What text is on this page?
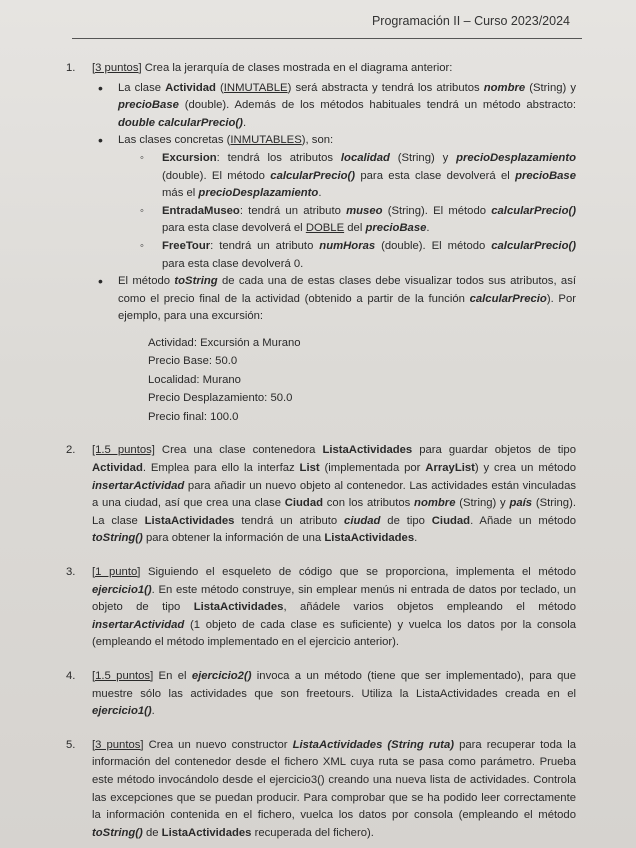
Programación II – Curso 2023/2024
1. [3 puntos] Crea la jerarquía de clases mostrada en el diagrama anterior:
• La clase Actividad (INMUTABLE) será abstracta y tendrá los atributos nombre (String) y precioBase (double). Además de los métodos habituales tendrá un método abstracto: double calcularPrecio().
• Las clases concretas (INMUTABLES), son:
◦ Excursion: tendrá los atributos localidad (String) y precioDesplazamiento (double). El método calcularPrecio() para esta clase devolverá el precioBase más el precioDesplazamiento.
◦ EntradaMuseo: tendrá un atributo museo (String). El método calcularPrecio() para esta clase devolverá el DOBLE del precioBase.
◦ FreeTour: tendrá un atributo numHoras (double). El método calcularPrecio() para esta clase devolverá 0.
• El método toString de cada una de estas clases debe visualizar todos sus atributos, así como el precio final de la actividad (obtenido a partir de la función calcularPrecio). Por ejemplo, para una excursión:
Actividad: Excursión a Murano
Precio Base: 50.0
Localidad: Murano
Precio Desplazamiento: 50.0
Precio final: 100.0
2. [1.5 puntos] Crea una clase contenedora ListaActividades para guardar objetos de tipo Actividad. Emplea para ello la interfaz List (implementada por ArrayList) y crea un método insertarActividad para añadir un nuevo objeto al contenedor. Las actividades están vinculadas a una ciudad, así que crea una clase Ciudad con los atributos nombre (String) y país (String). La clase ListaActividades tendrá un atributo ciudad de tipo Ciudad. Añade un método toString() para obtener la información de una ListaActividades.
3. [1 punto] Siguiendo el esqueleto de código que se proporciona, implementa el método ejercicio1(). En este método construye, sin emplear menús ni entrada de datos por teclado, un objeto de tipo ListaActividades, añádele varios objetos empleando el método insertarActividad (1 objeto de cada clase es suficiente) y vuelca los datos por la consola (empleando el método implementado en el ejercicio anterior).
4. [1.5 puntos] En el ejercicio2() invoca a un método (tiene que ser implementado), para que muestre sólo las actividades que son freetours. Utiliza la ListaActividades creada en el ejercicio1().
5. [3 puntos] Crea un nuevo constructor ListaActividades (String ruta) para recuperar toda la información del contenedor desde el fichero XML cuya ruta se pasa como parámetro. Prueba este método invocándolo desde el ejercicio3() creando una nueva lista de actividades. Controla las excepciones que se puedan producir. Para comprobar que se ha podido leer correctamente la información contenida en el fichero, vuelca los datos por consola (empleando el método toString() de ListaActividades recuperada del fichero).
